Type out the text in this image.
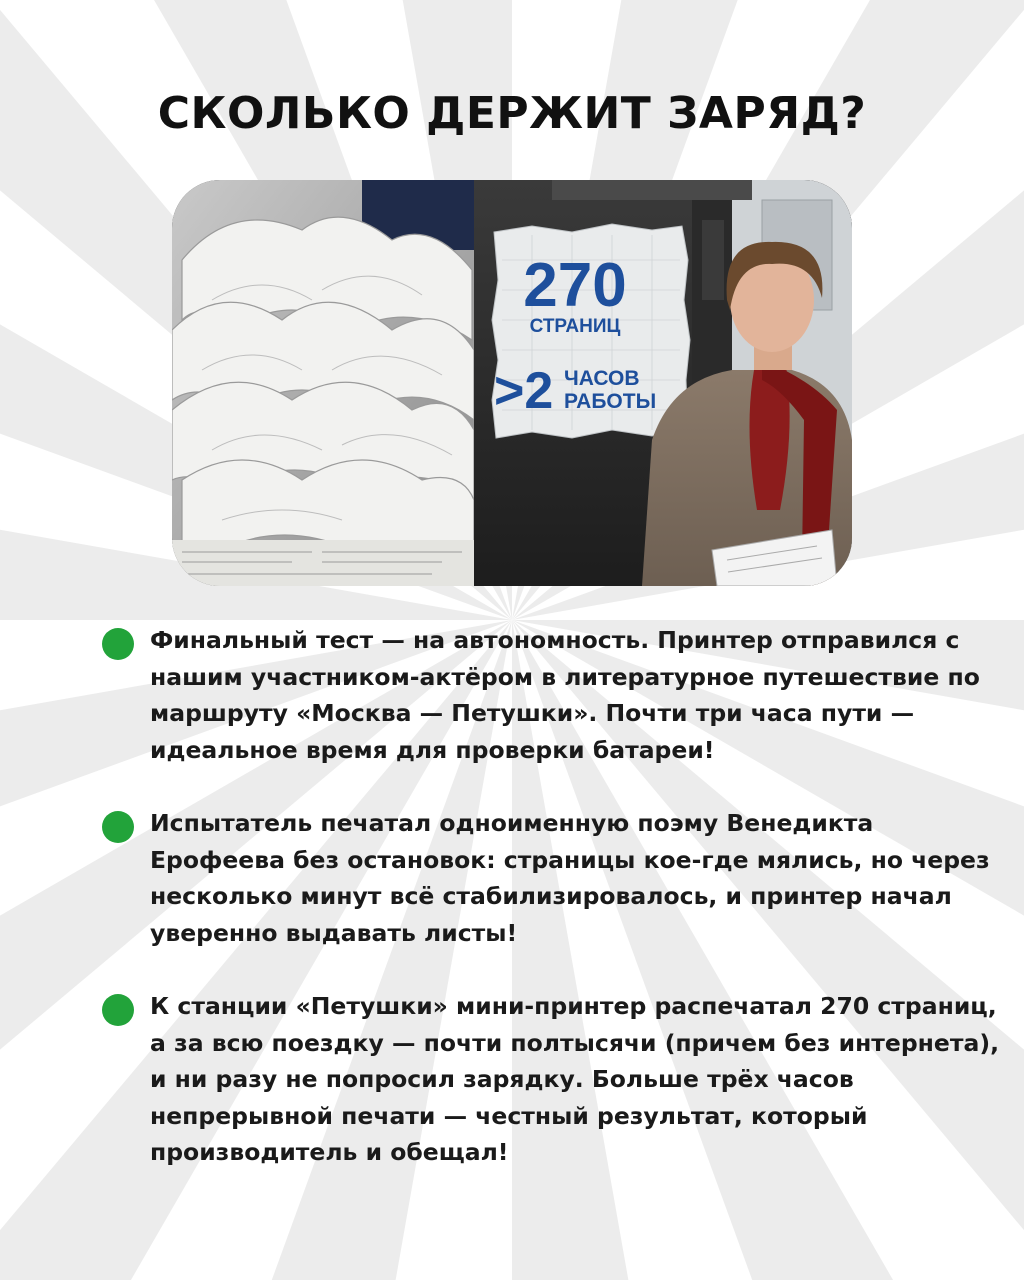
СКОЛЬКО ДЕРЖИТ ЗАРЯД?
270
СТРАНИЦ
>2 ЧАСОВ
РАБОТЫ
Финальный тест — на автономность. Принтер отправился с нашим участником-актёром в литературное путешествие по маршруту «Москва — Петушки». Почти три часа пути — идеальное время для проверки батареи!
Испытатель печатал одноименную поэму Венедикта Ерофеева без остановок: страницы кое-где мялись, но через несколько минут всё стабилизировалось, и принтер начал уверенно выдавать листы!
К станции «Петушки» мини-принтер распечатал 270 страниц, а за всю поездку — почти полтысячи (причем без интернета), и ни разу не попросил зарядку. Больше трёх часов непрерывной печати — честный результат, который производитель и обещал!
